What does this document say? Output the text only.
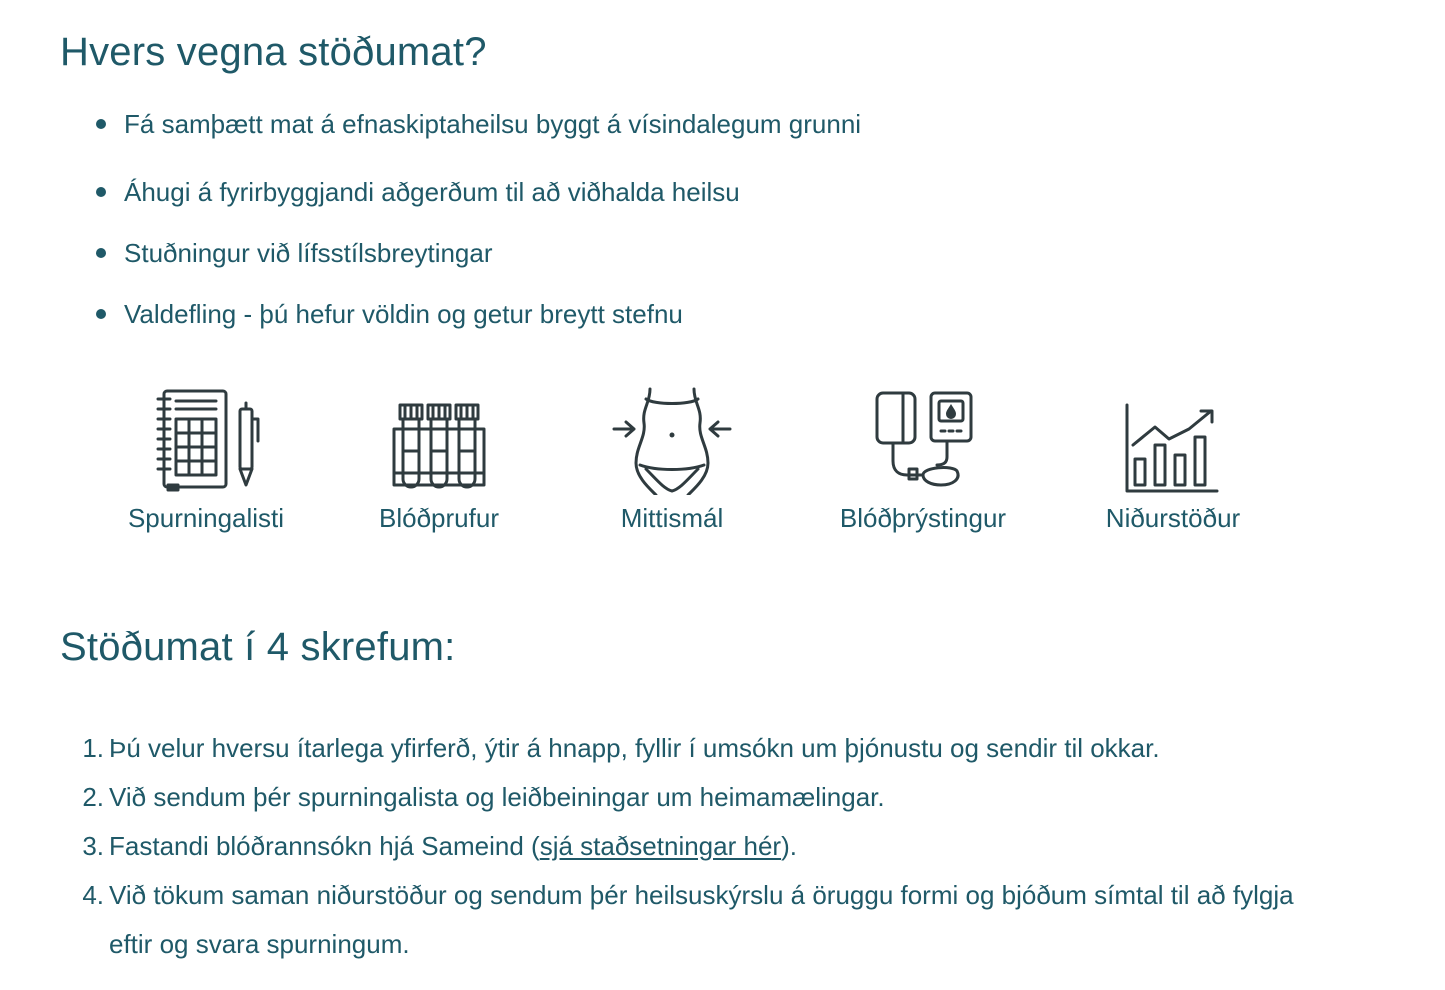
Hvers vegna stöðumat?
Fá samþætt mat á efnaskiptaheilsu byggt á vísindalegum grunni
Áhugi á fyrirbyggjandi aðgerðum til að viðhalda heilsu
Stuðningur við lífsstílsbreytingar
Valdefling - þú hefur völdin og getur breytt stefnu
Spurningalisti	Blóðprufur	Mittismál	Blóðþrýstingur	Niðurstöður
Stöðumat í 4 skrefum:
1. Þú velur hversu ítarlega yfirferð, ýtir á hnapp, fyllir í umsókn um þjónustu og sendir til okkar.
2. Við sendum þér spurningalista og leiðbeiningar um heimamælingar.
3. Fastandi blóðrannsókn hjá Sameind (sjá staðsetningar hér).
4. Við tökum saman niðurstöður og sendum þér heilsuskýrslu á öruggu formi og bjóðum símtal til að fylgja eftir og svara spurningum.
